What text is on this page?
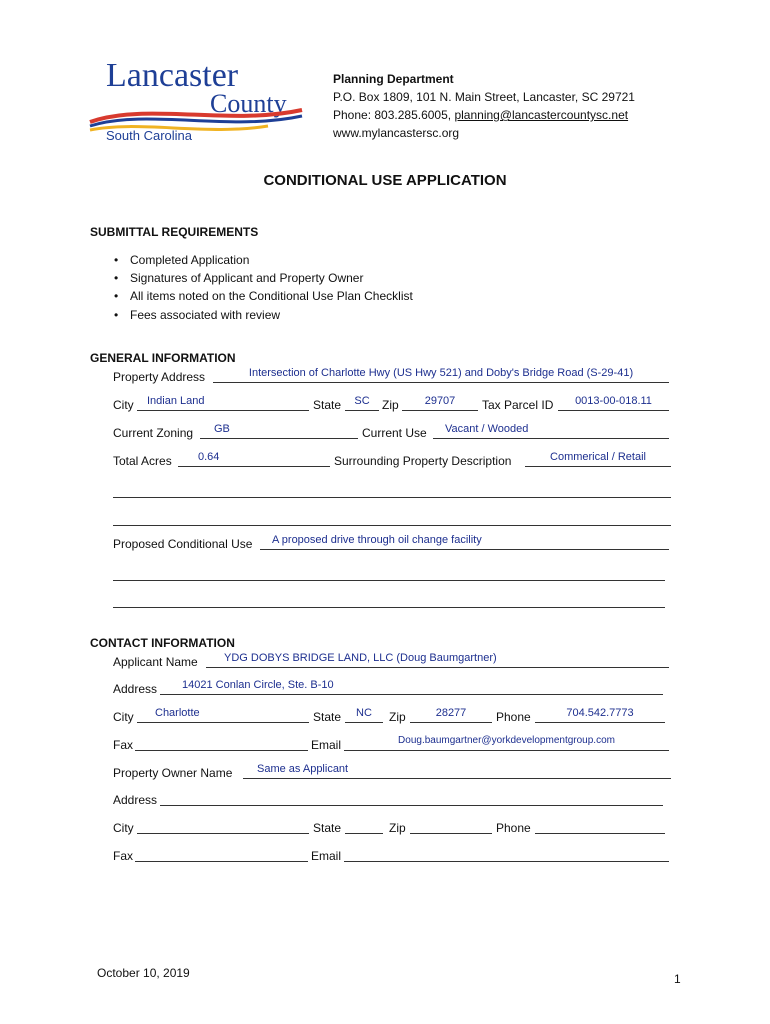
Lancaster
County
South Carolina
Planning Department
P.O. Box 1809, 101 N. Main Street, Lancaster, SC 29721
Phone: 803.285.6005, planning@lancastercountysc.net
www.mylancastersc.org
CONDITIONAL USE APPLICATION
SUBMITTAL REQUIREMENTS
• Completed Application
• Signatures of Applicant and Property Owner
• All items noted on the Conditional Use Plan Checklist
• Fees associated with review
GENERAL INFORMATION
Property Address	Intersection of Charlotte Hwy (US Hwy 521) and Doby's Bridge Road (S-29-41)
City	Indian Land	State	SC	Zip	29707	Tax Parcel ID	0013-00-018.11
Current Zoning	GB	Current Use	Vacant / Wooded
Total Acres	0.64	Surrounding Property Description	Commerical / Retail
Proposed Conditional Use	A proposed drive through oil change facility
CONTACT INFORMATION
Applicant Name	YDG DOBYS BRIDGE LAND, LLC (Doug Baumgartner)
Address	14021 Conlan Circle, Ste. B-10
City	Charlotte	State	NC	Zip	28277	Phone	704.542.7773
Fax	Email	Doug.baumgartner@yorkdevelopmentgroup.com
Property Owner Name	Same as Applicant
Address
City	State	Zip	Phone
Fax	Email
October 10, 2019	1
